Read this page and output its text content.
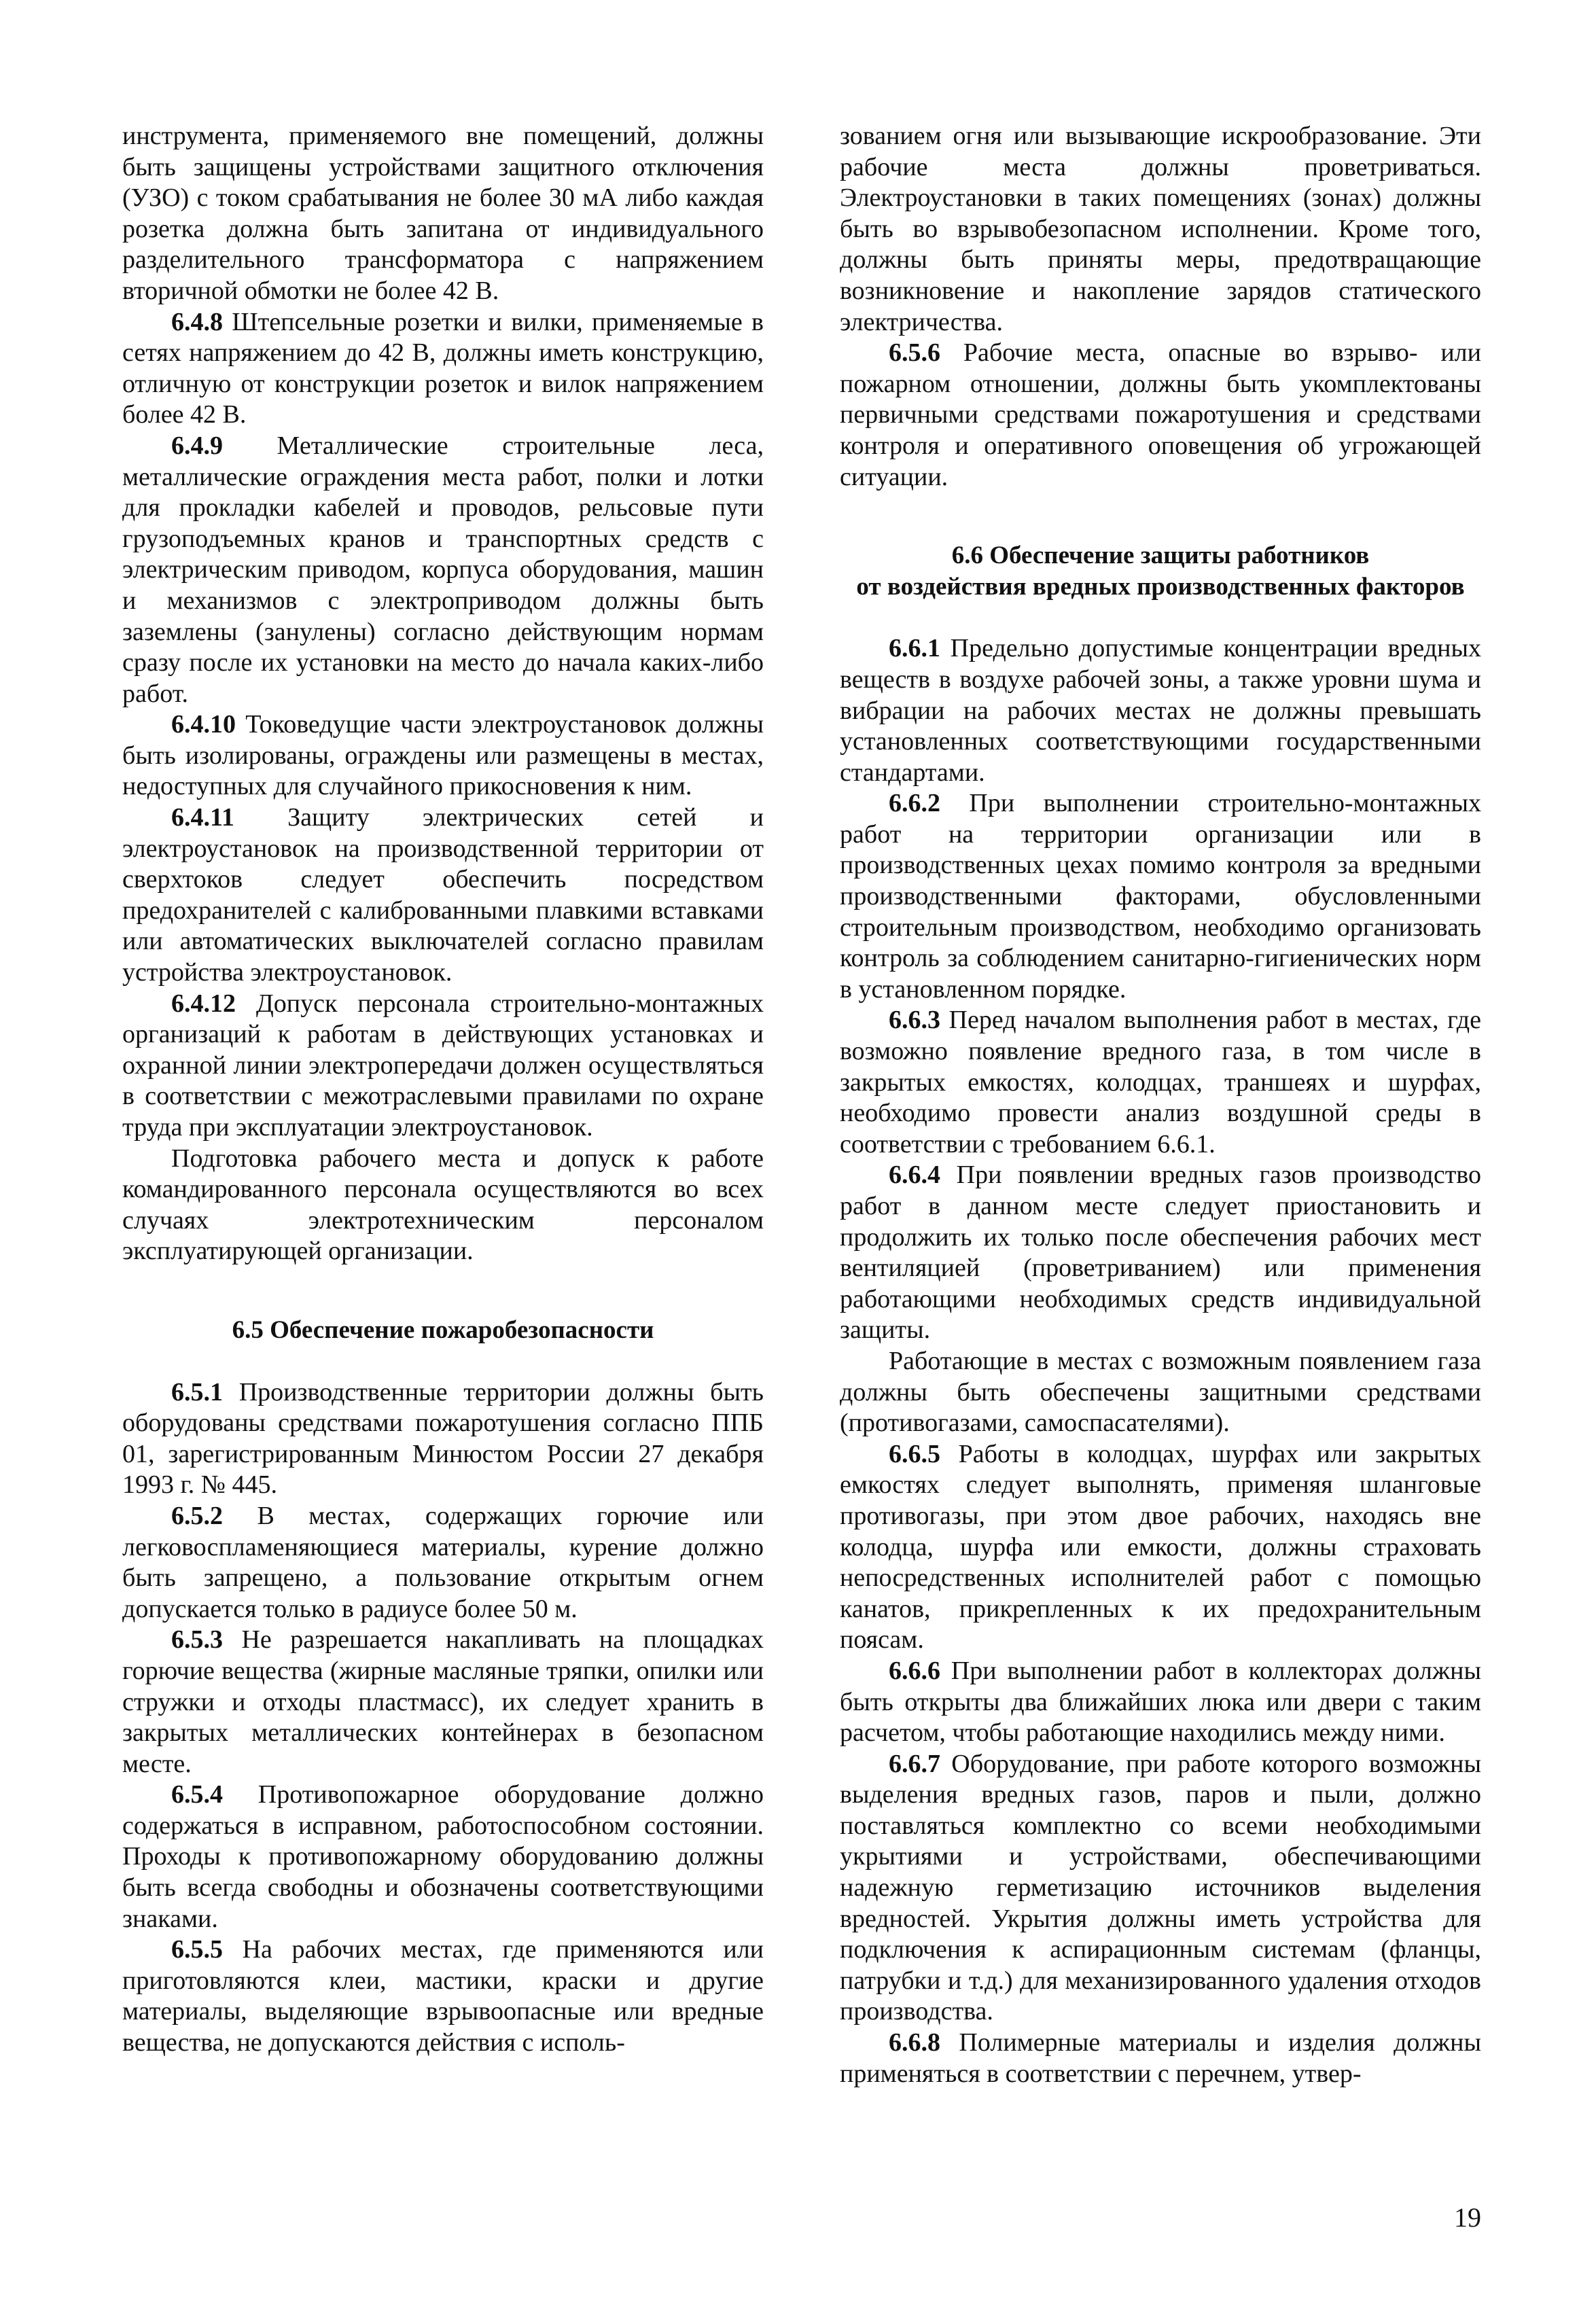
инструмента, применяемого вне помещений, должны быть защищены устройствами защитного отключения (УЗО) с током срабатывания не более 30 мА либо каждая розетка должна быть запитана от индивидуального разделительного трансформатора с напряжением вторичной обмотки не более 42 В.

6.4.8 Штепсельные розетки и вилки, применяемые в сетях напряжением до 42 В, должны иметь конструкцию, отличную от конструкции розеток и вилок напряжением более 42 В.

6.4.9 Металлические строительные леса, металлические ограждения места работ, полки и лотки для прокладки кабелей и проводов, рельсовые пути грузоподъемных кранов и транспортных средств с электрическим приводом, корпуса оборудования, машин и механизмов с электроприводом должны быть заземлены (занулены) согласно действующим нормам сразу после их установки на место до начала каких-либо работ.

6.4.10 Токоведущие части электроустановок должны быть изолированы, ограждены или размещены в местах, недоступных для случайного прикосновения к ним.

6.4.11 Защиту электрических сетей и электроустановок на производственной территории от сверхтоков следует обеспечить посредством предохранителей с калиброванными плавкими вставками или автоматических выключателей согласно правилам устройства электроустановок.

6.4.12 Допуск персонала строительно-монтажных организаций к работам в действующих установках и охранной линии электропередачи должен осуществляться в соответствии с межотраслевыми правилами по охране труда при эксплуатации электроустановок.

Подготовка рабочего места и допуск к работе командированного персонала осуществляются во всех случаях электротехническим персоналом эксплуатирующей организации.

6.5 Обеспечение пожаробезопасности

6.5.1 Производственные территории должны быть оборудованы средствами пожаротушения согласно ППБ 01, зарегистрированным Минюстом России 27 декабря 1993 г. № 445.

6.5.2 В местах, содержащих горючие или легковоспламеняющиеся материалы, курение должно быть запрещено, а пользование открытым огнем допускается только в радиусе более 50 м.

6.5.3 Не разрешается накапливать на площадках горючие вещества (жирные масляные тряпки, опилки или стружки и отходы пластмасс), их следует хранить в закрытых металлических контейнерах в безопасном месте.

6.5.4 Противопожарное оборудование должно содержаться в исправном, работоспособном состоянии. Проходы к противопожарному оборудованию должны быть всегда свободны и обозначены соответствующими знаками.

6.5.5 На рабочих местах, где применяются или приготовляются клеи, мастики, краски и другие материалы, выделяющие взрывоопасные или вредные вещества, не допускаются действия с исполь-

зованием огня или вызывающие искрообразование. Эти рабочие места должны проветриваться. Электроустановки в таких помещениях (зонах) должны быть во взрывобезопасном исполнении. Кроме того, должны быть приняты меры, предотвращающие возникновение и накопление зарядов статического электричества.

6.5.6 Рабочие места, опасные во взрыво- или пожарном отношении, должны быть укомплектованы первичными средствами пожаротушения и средствами контроля и оперативного оповещения об угрожающей ситуации.

6.6 Обеспечение защиты работников
от воздействия вредных производственных факторов

6.6.1 Предельно допустимые концентрации вредных веществ в воздухе рабочей зоны, а также уровни шума и вибрации на рабочих местах не должны превышать установленных соответствующими государственными стандартами.

6.6.2 При выполнении строительно-монтажных работ на территории организации или в производственных цехах помимо контроля за вредными производственными факторами, обусловленными строительным производством, необходимо организовать контроль за соблюдением санитарно-гигиенических норм в установленном порядке.

6.6.3 Перед началом выполнения работ в местах, где возможно появление вредного газа, в том числе в закрытых емкостях, колодцах, траншеях и шурфах, необходимо провести анализ воздушной среды в соответствии с требованием 6.6.1.

6.6.4 При появлении вредных газов производство работ в данном месте следует приостановить и продолжить их только после обеспечения рабочих мест вентиляцией (проветриванием) или применения работающими необходимых средств индивидуальной защиты.

Работающие в местах с возможным появлением газа должны быть обеспечены защитными средствами (противогазами, самоспасателями).

6.6.5 Работы в колодцах, шурфах или закрытых емкостях следует выполнять, применяя шланговые противогазы, при этом двое рабочих, находясь вне колодца, шурфа или емкости, должны страховать непосредственных исполнителей работ с помощью канатов, прикрепленных к их предохранительным поясам.

6.6.6 При выполнении работ в коллекторах должны быть открыты два ближайших люка или двери с таким расчетом, чтобы работающие находились между ними.

6.6.7 Оборудование, при работе которого возможны выделения вредных газов, паров и пыли, должно поставляться комплектно со всеми необходимыми укрытиями и устройствами, обеспечивающими надежную герметизацию источников выделения вредностей. Укрытия должны иметь устройства для подключения к аспирационным системам (фланцы, патрубки и т.д.) для механизированного удаления отходов производства.

6.6.8 Полимерные материалы и изделия должны применяться в соответствии с перечнем, утвер-

19
